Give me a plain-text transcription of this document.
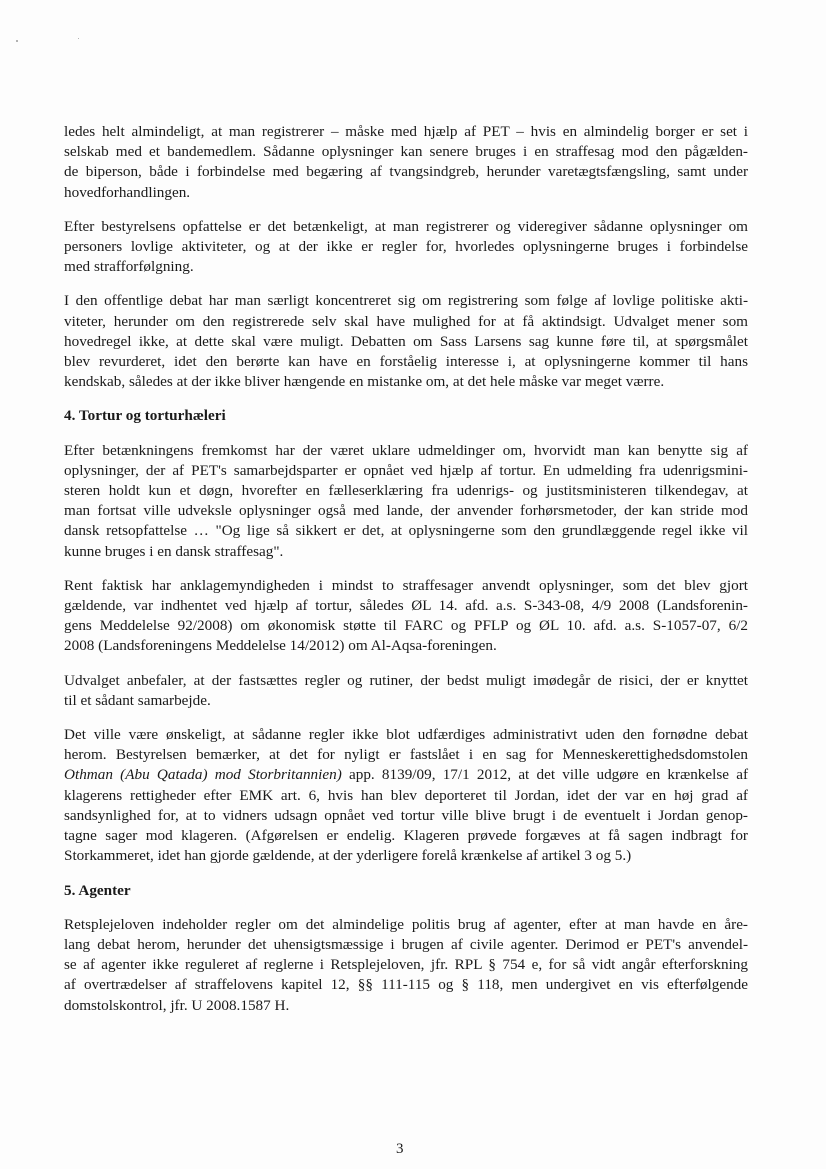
ledes helt almindeligt, at man registrerer – måske med hjælp af PET – hvis en almindelig borger er set i
selskab med et bandemedlem. Sådanne oplysninger kan senere bruges i en straffesag mod den pågælden-
de biperson, både i forbindelse med begæring af tvangsindgreb, herunder varetægtsfængsling, samt under
hovedforhandlingen.
Efter bestyrelsens opfattelse er det betænkeligt, at man registrerer og videregiver sådanne oplysninger om
personers lovlige aktiviteter, og at der ikke er regler for, hvorledes oplysningerne bruges i forbindelse
med strafforfølgning.
I den offentlige debat har man særligt koncentreret sig om registrering som følge af lovlige politiske akti-
viteter, herunder om den registrerede selv skal have mulighed for at få aktindsigt. Udvalget mener som
hovedregel ikke, at dette skal være muligt. Debatten om Sass Larsens sag kunne føre til, at spørgsmålet
blev revurderet, idet den berørte kan have en forståelig interesse i, at oplysningerne kommer til hans
kendskab, således at der ikke bliver hængende en mistanke om, at det hele måske var meget værre.
4. Tortur og torturhæleri
Efter betænkningens fremkomst har der været uklare udmeldinger om, hvorvidt man kan benytte sig af
oplysninger, der af PET's samarbejdsparter er opnået ved hjælp af tortur. En udmelding fra udenrigsmini-
steren holdt kun et døgn, hvorefter en fælleserklæring fra udenrigs- og justitsministeren tilkendegav, at
man fortsat ville udveksle oplysninger også med lande, der anvender forhørsmetoder, der kan stride mod
dansk retsopfattelse … "Og lige så sikkert er det, at oplysningerne som den grundlæggende regel ikke vil
kunne bruges i en dansk straffesag".
Rent faktisk har anklagemyndigheden i mindst to straffesager anvendt oplysninger, som det blev gjort
gældende, var indhentet ved hjælp af tortur, således ØL 14. afd. a.s. S-343-08, 4/9 2008 (Landsforenin-
gens Meddelelse 92/2008) om økonomisk støtte til FARC og PFLP og ØL 10. afd. a.s. S-1057-07, 6/2
2008 (Landsforeningens Meddelelse 14/2012) om Al-Aqsa-foreningen.
Udvalget anbefaler, at der fastsættes regler og rutiner, der bedst muligt imødegår de risici, der er knyttet
til et sådant samarbejde.
Det ville være ønskeligt, at sådanne regler ikke blot udfærdiges administrativt uden den fornødne debat
herom. Bestyrelsen bemærker, at det for nyligt er fastslået i en sag for Menneskerettighedsdomstolen
Othman (Abu Qatada) mod Storbritannien) app. 8139/09, 17/1 2012, at det ville udgøre en krænkelse af
klagerens rettigheder efter EMK art. 6, hvis han blev deporteret til Jordan, idet der var en høj grad af
sandsynlighed for, at to vidners udsagn opnået ved tortur ville blive brugt i de eventuelt i Jordan genop-
tagne sager mod klageren. (Afgørelsen er endelig. Klageren prøvede forgæves at få sagen indbragt for
Storkammeret, idet han gjorde gældende, at der yderligere forelå krænkelse af artikel 3 og 5.)
5. Agenter
Retsplejeloven indeholder regler om det almindelige politis brug af agenter, efter at man havde en åre-
lang debat herom, herunder det uhensigtsmæssige i brugen af civile agenter. Derimod er PET's anvendel-
se af agenter ikke reguleret af reglerne i Retsplejeloven, jfr. RPL § 754 e, for så vidt angår efterforskning
af overtrædelser af straffelovens kapitel 12, §§ 111-115 og § 118, men undergivet en vis efterfølgende
domstolskontrol, jfr. U 2008.1587 H.
3
